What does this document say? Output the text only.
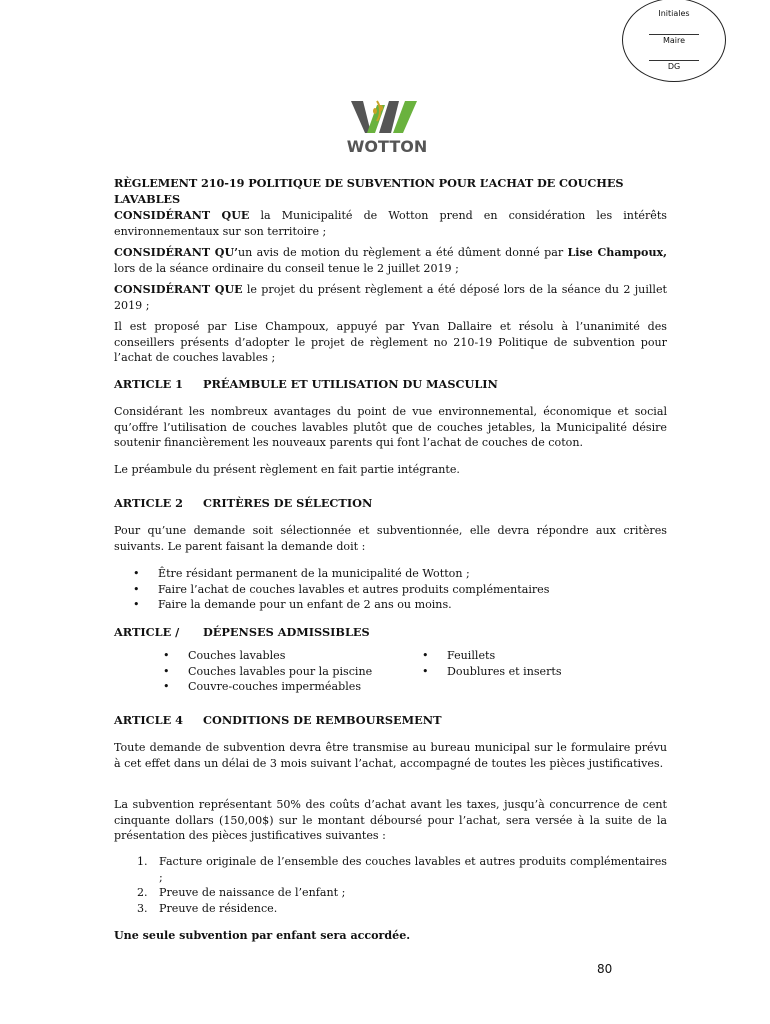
Initiales
Maire
DG
WOTTON
RÈGLEMENT 210-19 POLITIQUE DE SUBVENTION POUR L’ACHAT DE COUCHES LAVABLES
CONSIDÉRANT QUE la Municipalité de Wotton prend en considération les intérêts environnementaux sur son territoire ;
CONSIDÉRANT QU’un avis de motion du règlement a été dûment donné par Lise Champoux, lors de la séance ordinaire du conseil tenue le 2 juillet 2019 ;
CONSIDÉRANT QUE le projet du présent règlement a été déposé lors de la séance du 2 juillet 2019 ;
Il est proposé par Lise Champoux, appuyé par Yvan Dallaire et résolu à l’unanimité des conseillers présents d’adopter le projet de règlement no 210-19 Politique de subvention pour l’achat de couches lavables ;
ARTICLE 1 PRÉAMBULE ET UTILISATION DU MASCULIN
Considérant les nombreux avantages du point de vue environnemental, économique et social qu’offre l’utilisation de couches lavables plutôt que de couches jetables, la Municipalité désire soutenir financièrement les nouveaux parents qui font l’achat de couches de coton.
Le préambule du présent règlement en fait partie intégrante.
ARTICLE 2 CRITÈRES DE SÉLECTION
Pour qu’une demande soit sélectionnée et subventionnée, elle devra répondre aux critères suivants. Le parent faisant la demande doit :
• Être résidant permanent de la municipalité de Wotton ;
• Faire l’achat de couches lavables et autres produits complémentaires
• Faire la demande pour un enfant de 2 ans ou moins.
ARTICLE / DÉPENSES ADMISSIBLES
• Couches lavables
• Couches lavables pour la piscine
• Couvre-couches imperméables
• Feuillets
• Doublures et inserts
ARTICLE 4 CONDITIONS DE REMBOURSEMENT
Toute demande de subvention devra être transmise au bureau municipal sur le formulaire prévu à cet effet dans un délai de 3 mois suivant l’achat, accompagné de toutes les pièces justificatives.
La subvention représentant 50% des coûts d’achat avant les taxes, jusqu’à concurrence de cent cinquante dollars (150,00$) sur le montant déboursé pour l’achat, sera versée à la suite de la présentation des pièces justificatives suivantes :
1. Facture originale de l’ensemble des couches lavables et autres produits complémentaires ;
2. Preuve de naissance de l’enfant ;
3. Preuve de résidence.
Une seule subvention par enfant sera accordée.
80
